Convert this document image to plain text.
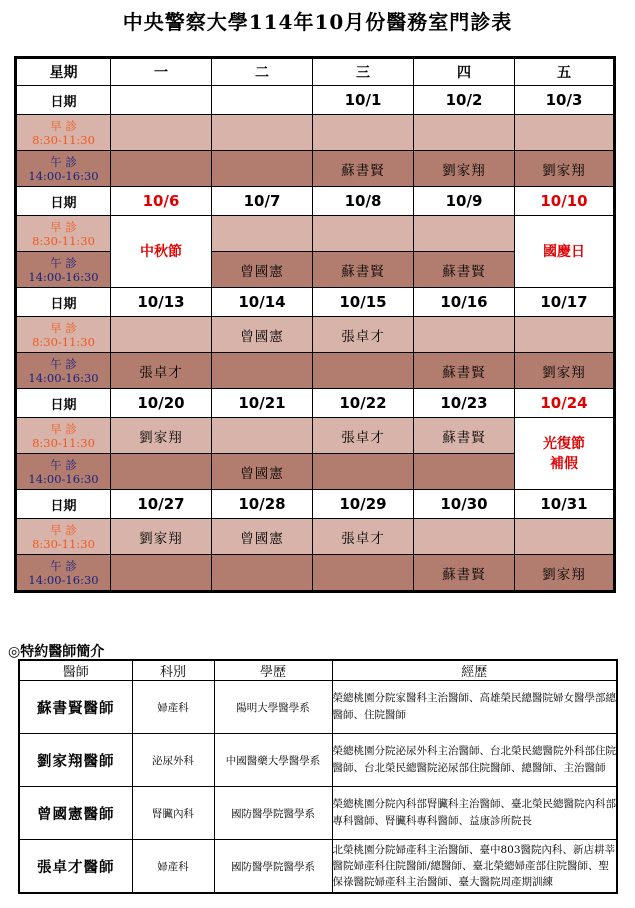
中央警察大學114年10月份醫務室門診表
星期	一	二	三	四	五
日期			10/1	10/2	10/3
早 診
8:30-11:30					
午 診
14:00-16:30			蘇書賢	劉家翔	劉家翔
日期	10/6	10/7	10/8	10/9	10/10
早 診
8:30-11:30	中秋節				國慶日
午 診
14:00-16:30		曾國憲	蘇書賢	蘇書賢	
日期	10/13	10/14	10/15	10/16	10/17
早 診
8:30-11:30		曾國憲	張卓才		
午 診
14:00-16:30	張卓才			蘇書賢	劉家翔
日期	10/20	10/21	10/22	10/23	10/24
早 診
8:30-11:30	劉家翔		張卓才	蘇書賢	光復節
補假
午 診
14:00-16:30		曾國憲			
日期	10/27	10/28	10/29	10/30	10/31
早 診
8:30-11:30	劉家翔	曾國憲	張卓才		
午 診
14:00-16:30				蘇書賢	劉家翔
◎特約醫師簡介
醫師	科別	學歷	經歷
蘇書賢醫師	婦產科	陽明大學醫學系	榮總桃園分院家醫科主治醫師、高雄榮民總醫院婦女醫學部總醫師、住院醫師
劉家翔醫師	泌尿外科	中國醫藥大學醫學系	榮總桃園分院泌尿外科主治醫師、台北榮民總醫院外科部住院醫師、台北榮民總醫院泌尿部住院醫師、總醫師、主治醫師
曾國憲醫師	腎臟內科	國防醫學院醫學系	榮總桃園分院內科部腎臟科主治醫師、臺北榮民總醫院內科部專科醫師、腎臟科專科醫師、益康診所院長
張卓才醫師	婦產科	國防醫學院醫學系	北榮桃園分院婦產科主治醫師、臺中803醫院內科、新店耕莘醫院婦產科住院醫師/總醫師、臺北榮總婦產部住院醫師、聖保祿醫院婦產科主治醫師、臺大醫院周產期訓練
